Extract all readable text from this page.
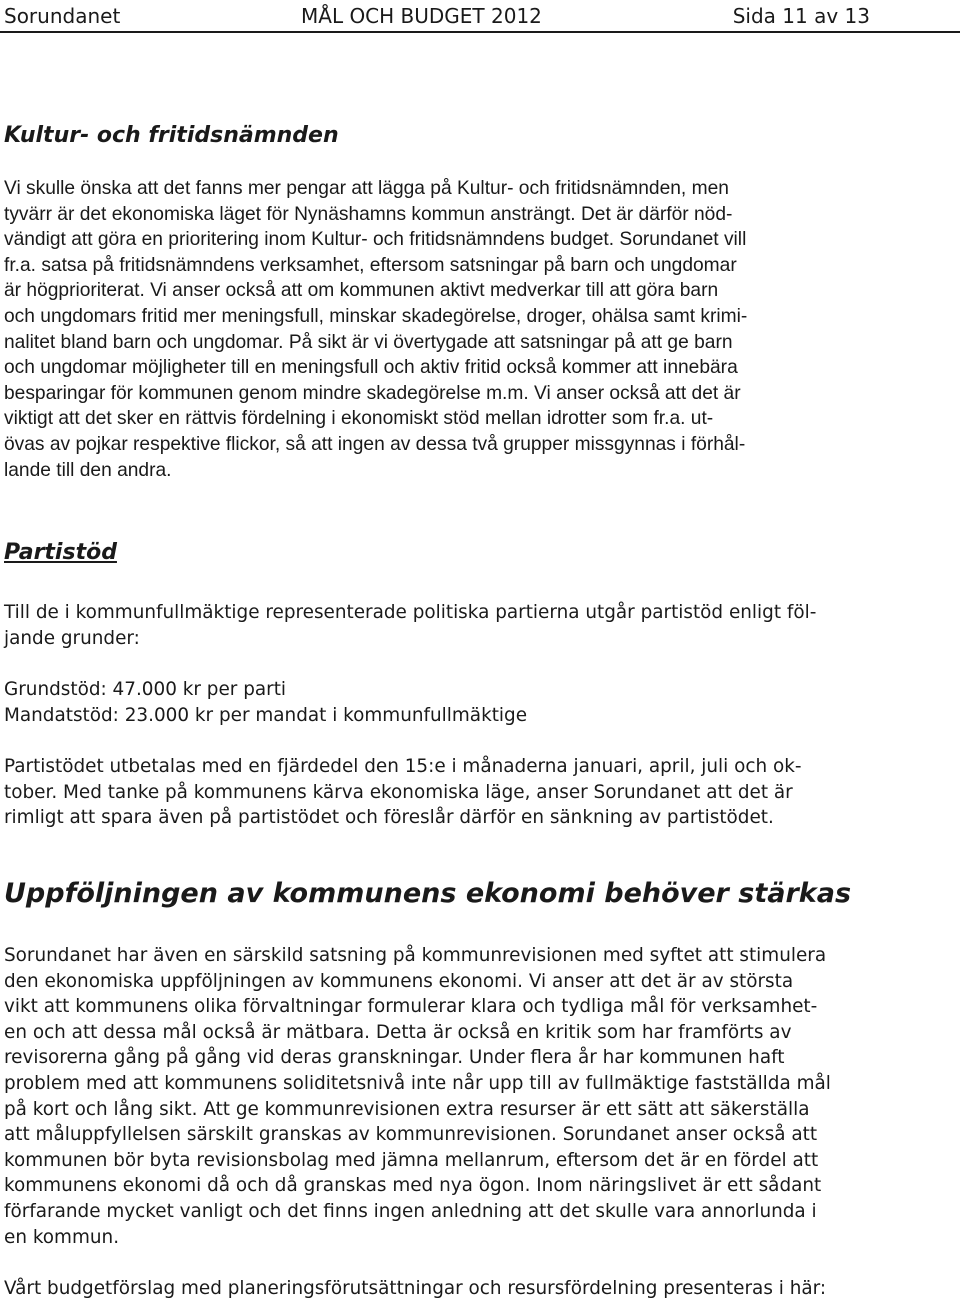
Sorundanet	MÅL OCH BUDGET 2012	Sida 11 av 13
Kultur- och fritidsnämnden
Vi skulle önska att det fanns mer pengar att lägga på Kultur- och fritidsnämnden, men
tyvärr är det ekonomiska läget för Nynäshamns kommun ansträngt. Det är därför nöd-
vändigt att göra en prioritering inom Kultur- och fritidsnämndens budget. Sorundanet vill
fr.a. satsa på fritidsnämndens verksamhet, eftersom satsningar på barn och ungdomar
är högprioriterat. Vi anser också att om kommunen aktivt medverkar till att göra barn
och ungdomars fritid mer meningsfull, minskar skadegörelse, droger, ohälsa samt krimi-
nalitet bland barn och ungdomar. På sikt är vi övertygade att satsningar på att ge barn
och ungdomar möjligheter till en meningsfull och aktiv fritid också kommer att innebära
besparingar för kommunen genom mindre skadegörelse m.m. Vi anser också att det är
viktigt att det sker en rättvis fördelning i ekonomiskt stöd mellan idrotter som fr.a. ut-
övas av pojkar respektive flickor, så att ingen av dessa två grupper missgynnas i förhål-
lande till den andra.
Partistöd
Till de i kommunfullmäktige representerade politiska partierna utgår partistöd enligt föl-
jande grunder:
Grundstöd: 47.000 kr per parti
Mandatstöd: 23.000 kr per mandat i kommunfullmäktige
Partistödet utbetalas med en fjärdedel den 15:e i månaderna januari, april, juli och ok-
tober. Med tanke på kommunens kärva ekonomiska läge, anser Sorundanet att det är
rimligt att spara även på partistödet och föreslår därför en sänkning av partistödet.
Uppföljningen av kommunens ekonomi behöver stärkas
Sorundanet har även en särskild satsning på kommunrevisionen med syftet att stimulera
den ekonomiska uppföljningen av kommunens ekonomi. Vi anser att det är av största
vikt att kommunens olika förvaltningar formulerar klara och tydliga mål för verksamhet-
en och att dessa mål också är mätbara. Detta är också en kritik som har framförts av
revisorerna gång på gång vid deras granskningar. Under flera år har kommunen haft
problem med att kommunens soliditetsnivå inte når upp till av fullmäktige fastställda mål
på kort och lång sikt. Att ge kommunrevisionen extra resurser är ett sätt att säkerställa
att måluppfyllelsen särskilt granskas av kommunrevisionen. Sorundanet anser också att
kommunen bör byta revisionsbolag med jämna mellanrum, eftersom det är en fördel att
kommunens ekonomi då och då granskas med nya ögon. Inom näringslivet är ett sådant
förfarande mycket vanligt och det finns ingen anledning att det skulle vara annorlunda i
en kommun.
Vårt budgetförslag med planeringsförutsättningar och resursfördelning presenteras i här:
